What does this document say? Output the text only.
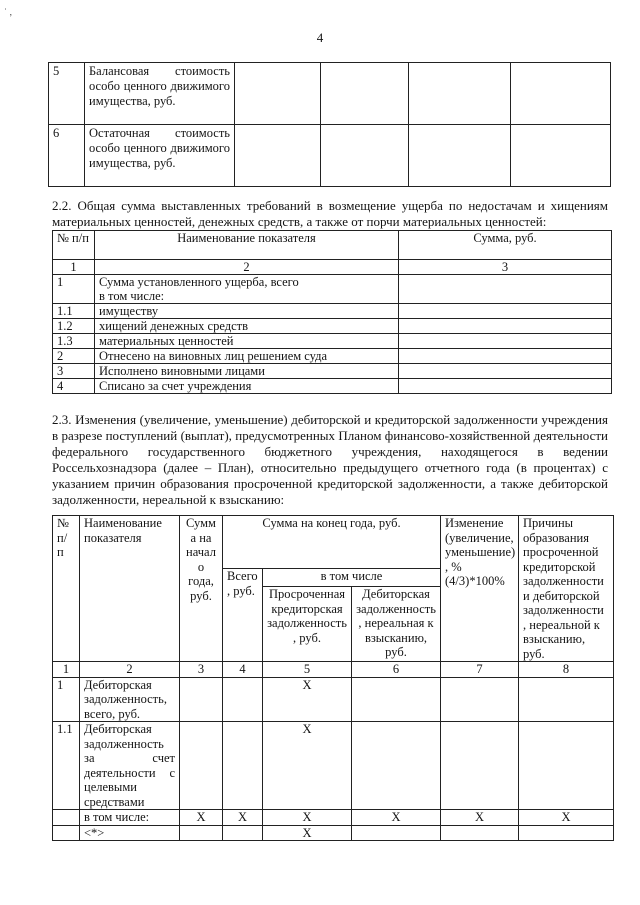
˙ ‚
4
5	Балансовая стоимость особо ценного движимого имущества, руб.				
6	Остаточная стоимость особо ценного движимого имущества, руб.				
2.2. Общая сумма выставленных требований в возмещение ущерба по недостачам и хищениям материальных ценностей, денежных средств, а также от порчи материальных ценностей:
№ п/п	Наименование показателя	Сумма, руб.
1	2	3
1	Сумма установленного ущерба, всего
в том числе:	

1.1	имуществу	
1.2	хищений денежных средств	
1.3	материальных ценностей	
2	Отнесено на виновных лиц решением суда	
3	Исполнено виновными лицами	
4	Списано за счет учреждения	
2.3. Изменения (увеличение, уменьшение) дебиторской и кредиторской задолженности учреждения в разрезе поступлений (выплат), предусмотренных Планом финансово-хозяйственной деятельности федерального государственного бюджетного учреждения, находящегося в ведении Россельхознадзора (далее – План), относительно предыдущего отчетного года (в процентах) с указанием причин образования просроченной кредиторской задолженности, а также дебиторской задолженности, нереальной к взысканию:
№ п/ п	Наименование показателя	Сумм а на начал о года, руб.	Сумма на конец года, руб.			Изменение (увеличение, уменьшение) , % (4/3)*100%	Причины образования просроченной кредиторской задолженности и дебиторской задолженности , нереальной к взысканию, руб.
			Всего , руб.	в том числе			
				Просроченная кредиторская задолженность , руб.	Дебиторская задолженность , нереальная к взысканию, руб.		
1	2	3	4	5	6	7	8
1	Дебиторская задолженность, всего, руб.			X			
1.1	Дебиторская задолженность за счет деятельности с целевыми средствами			X			
	в том числе:	X	X	X	X	X	X
	<*>			X			
